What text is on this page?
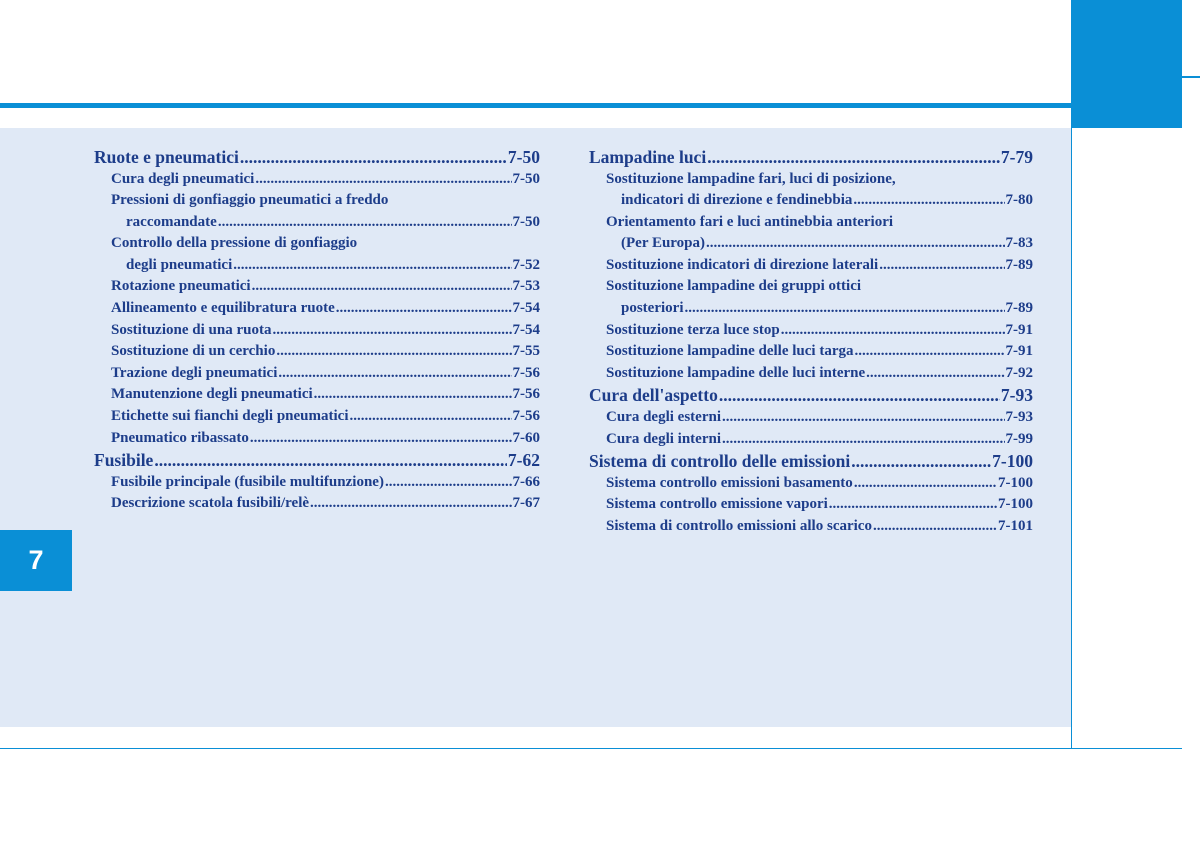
7
Ruote e pneumatici .....	7-50
Cura degli pneumatici .....	7-50
Pressioni di gonfiaggio pneumatici a freddo
raccomandate .....	7-50
Controllo della pressione di gonfiaggio
degli pneumatici .....	7-52
Rotazione pneumatici .....	7-53
Allineamento e equilibratura ruote .....	7-54
Sostituzione di una ruota .....	7-54
Sostituzione di un cerchio .....	7-55
Trazione degli pneumatici .....	7-56
Manutenzione degli pneumatici .....	7-56
Etichette sui fianchi degli pneumatici .....	7-56
Pneumatico ribassato .....	7-60
Fusibile .....	7-62
Fusibile principale (fusibile multifunzione) .....	7-66
Descrizione scatola fusibili/relè .....	7-67
Lampadine luci .....	7-79
Sostituzione lampadine fari, luci di posizione,
indicatori di direzione e fendinebbia .....	7-80
Orientamento fari e luci antinebbia anteriori
(Per Europa) .....	7-83
Sostituzione indicatori di direzione laterali .....	7-89
Sostituzione lampadine dei gruppi ottici
posteriori .....	7-89
Sostituzione terza luce stop .....	7-91
Sostituzione lampadine delle luci targa .....	7-91
Sostituzione lampadine delle luci interne .....	7-92
Cura dell'aspetto .....	7-93
Cura degli esterni .....	7-93
Cura degli interni .....	7-99
Sistema di controllo delle emissioni .....	7-100
Sistema controllo emissioni basamento .....	7-100
Sistema controllo emissione vapori .....	7-100
Sistema di controllo emissioni allo scarico .....	7-101
